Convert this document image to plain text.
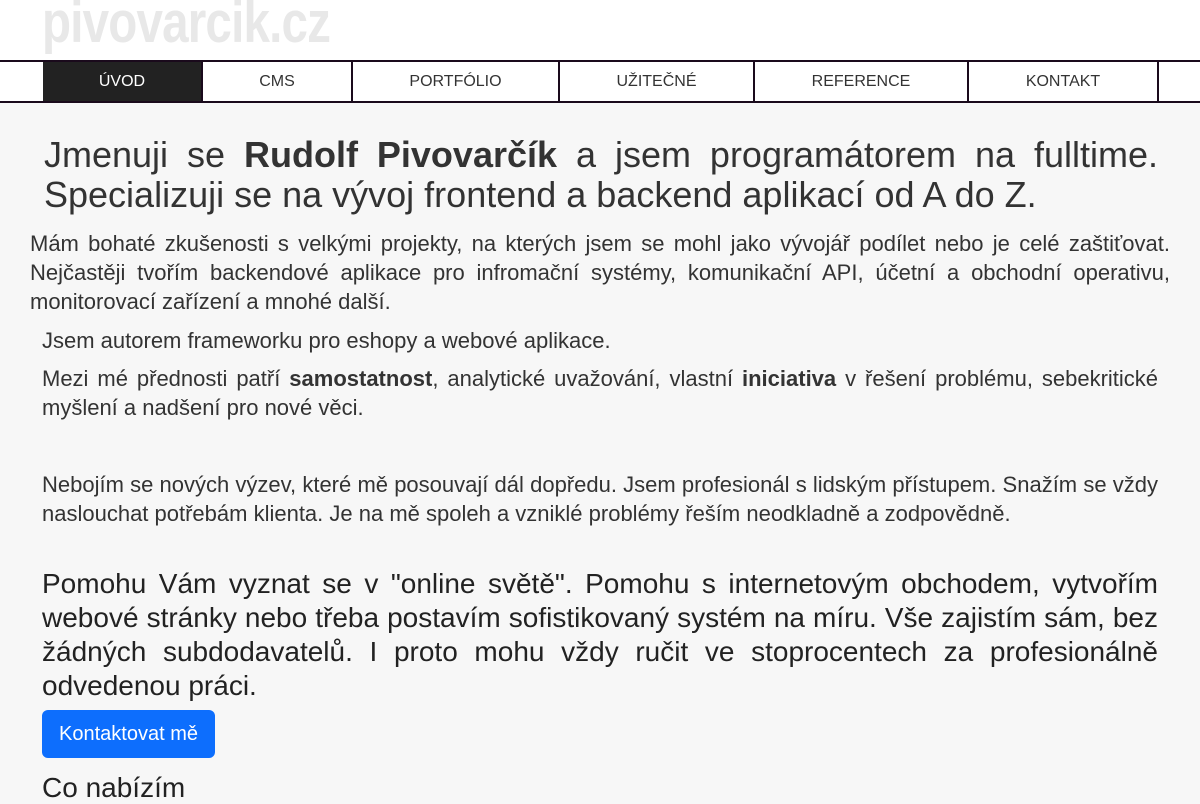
pivovarcik.cz
ÚVOD	CMS	PORTFÓLIO	UŽITEČNÉ	REFERENCE	KONTAKT
Jmenuji se Rudolf Pivovarčík a jsem programátorem na fulltime. Specializuji se na vývoj frontend a backend aplikací od A do Z.

Mám bohaté zkušenosti s velkými projekty, na kterých jsem se mohl jako vývojář podílet nebo je celé zaštiťovat. Nejčastěji tvořím backendové aplikace pro infromační systémy, komunikační API, účetní a obchodní operativu, monitorovací zařízení a mnohé další.

Jsem autorem frameworku pro eshopy a webové aplikace.

Mezi mé přednosti patří samostatnost, analytické uvažování, vlastní iniciativa v řešení problému, sebekritické myšlení a nadšení pro nové věci.

Nebojím se nových výzev, které mě posouvají dál dopředu. Jsem profesionál s lidským přístupem. Snažím se vždy naslouchat potřebám klienta. Je na mě spoleh a vzniklé problémy řeším neodkladně a zodpovědně.

Pomohu Vám vyznat se v "online světě". Pomohu s internetovým obchodem, vytvořím webové stránky nebo třeba postavím sofistikovaný systém na míru. Vše zajistím sám, bez žádných subdodavatelů. I proto mohu vždy ručit ve stoprocentech za profesionálně odvedenou práci.

Kontaktovat mě
Co nabízím
